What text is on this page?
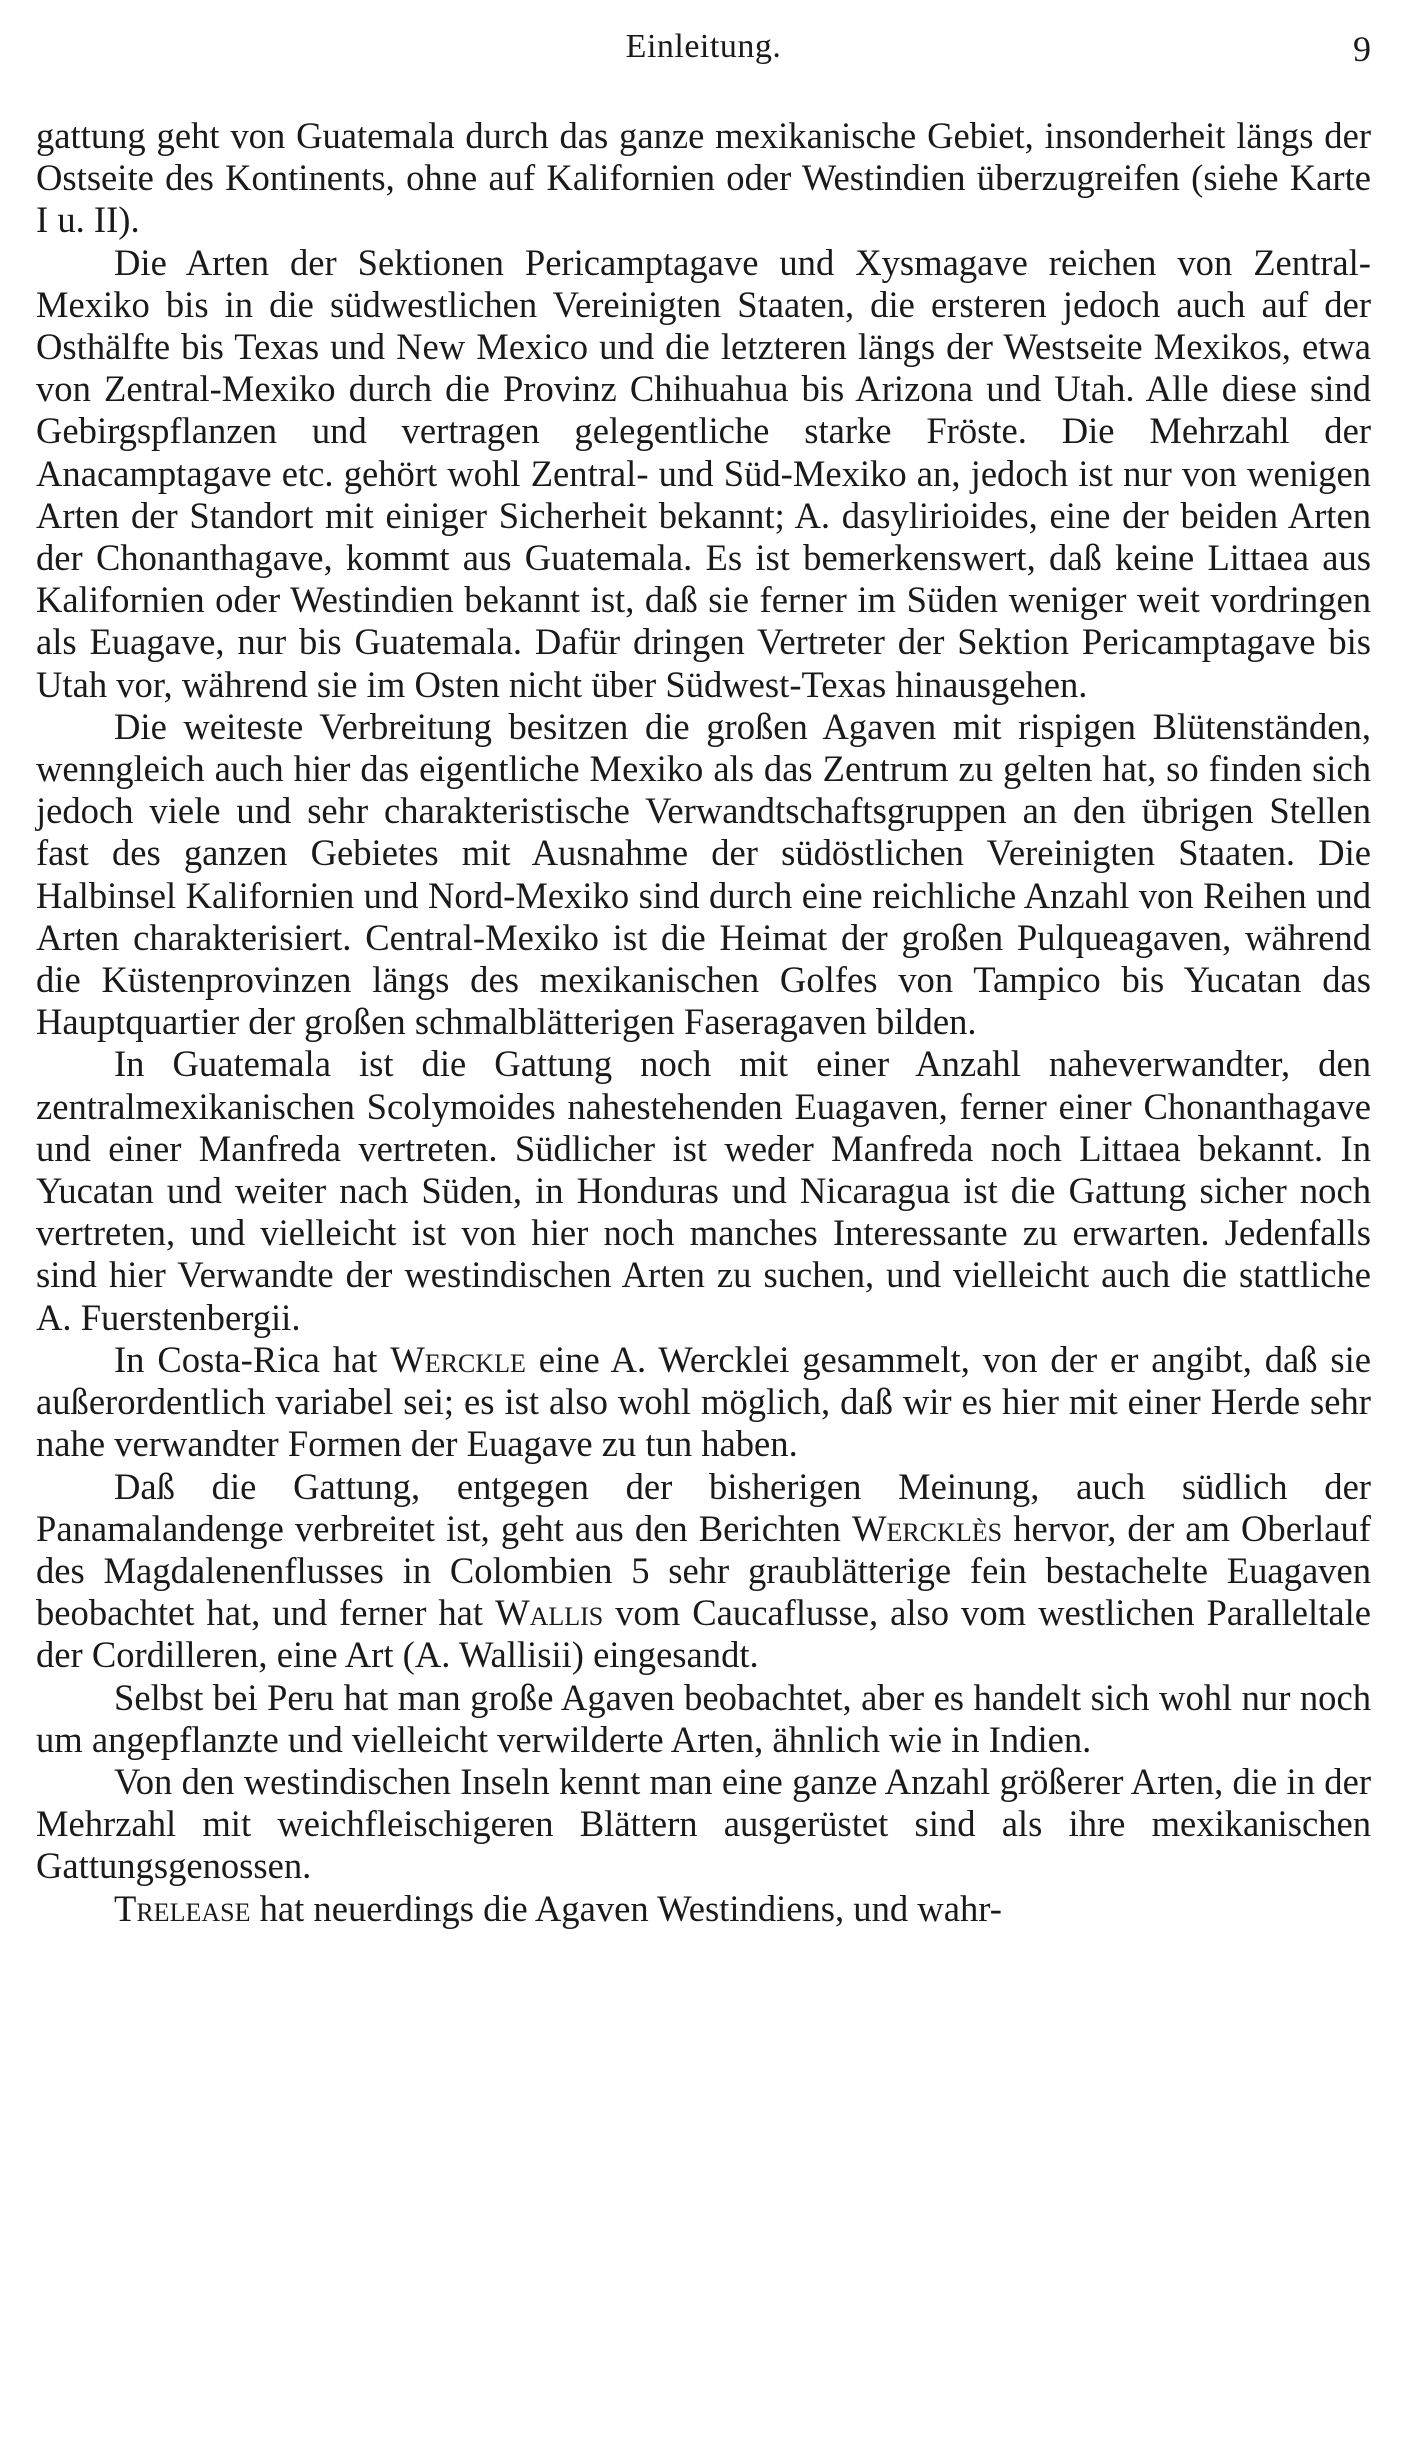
Einleitung.	9

gattung geht von Guatemala durch das ganze mexikanische Gebiet, insonderheit längs der Ostseite des Kontinents, ohne auf Kalifornien oder Westindien überzugreifen (siehe Karte I u. II).

Die Arten der Sektionen Pericamptagave und Xysmagave reichen von Zentral-Mexiko bis in die südwestlichen Vereinigten Staaten, die ersteren jedoch auch auf der Osthälfte bis Texas und New Mexico und die letzteren längs der Westseite Mexikos, etwa von Zentral-Mexiko durch die Provinz Chihuahua bis Arizona und Utah. Alle diese sind Gebirgspflanzen und vertragen gelegentliche starke Fröste. Die Mehrzahl der Anacamptagave etc. gehört wohl Zentral- und Süd-Mexiko an, jedoch ist nur von wenigen Arten der Standort mit einiger Sicherheit bekannt; A. dasylirioides, eine der beiden Arten der Chonanthagave, kommt aus Guatemala. Es ist bemerkenswert, daß keine Littaea aus Kalifornien oder Westindien bekannt ist, daß sie ferner im Süden weniger weit vordringen als Euagave, nur bis Guatemala. Dafür dringen Vertreter der Sektion Pericamptagave bis Utah vor, während sie im Osten nicht über Südwest-Texas hinausgehen.

Die weiteste Verbreitung besitzen die großen Agaven mit rispigen Blütenständen, wenngleich auch hier das eigentliche Mexiko als das Zentrum zu gelten hat, so finden sich jedoch viele und sehr charakteristische Verwandtschaftsgruppen an den übrigen Stellen fast des ganzen Gebietes mit Ausnahme der südöstlichen Vereinigten Staaten. Die Halbinsel Kalifornien und Nord-Mexiko sind durch eine reichliche Anzahl von Reihen und Arten charakterisiert. Central-Mexiko ist die Heimat der großen Pulqueagaven, während die Küstenprovinzen längs des mexikanischen Golfes von Tampico bis Yucatan das Hauptquartier der großen schmalblätterigen Faseragaven bilden.

In Guatemala ist die Gattung noch mit einer Anzahl naheverwandter, den zentralmexikanischen Scolymoides nahestehenden Euagaven, ferner einer Chonanthagave und einer Manfreda vertreten. Südlicher ist weder Manfreda noch Littaea bekannt. In Yucatan und weiter nach Süden, in Honduras und Nicaragua ist die Gattung sicher noch vertreten, und vielleicht ist von hier noch manches Interessante zu erwarten. Jedenfalls sind hier Verwandte der westindischen Arten zu suchen, und vielleicht auch die stattliche A. Fuerstenbergii.

In Costa-Rica hat Werckle eine A. Wercklei gesammelt, von der er angibt, daß sie außerordentlich variabel sei; es ist also wohl möglich, daß wir es hier mit einer Herde sehr nahe verwandter Formen der Euagave zu tun haben.

Daß die Gattung, entgegen der bisherigen Meinung, auch südlich der Panamalandenge verbreitet ist, geht aus den Berichten Wercklès hervor, der am Oberlauf des Magdalenenflusses in Colombien 5 sehr graublätterige fein bestachelte Euagaven beobachtet hat, und ferner hat Wallis vom Caucaflusse, also vom westlichen Paralleltale der Cordilleren, eine Art (A. Wallisii) eingesandt.

Selbst bei Peru hat man große Agaven beobachtet, aber es handelt sich wohl nur noch um angepflanzte und vielleicht verwilderte Arten, ähnlich wie in Indien.

Von den westindischen Inseln kennt man eine ganze Anzahl größerer Arten, die in der Mehrzahl mit weichfleischigeren Blättern ausgerüstet sind als ihre mexikanischen Gattungsgenossen.

Trelease hat neuerdings die Agaven Westindiens, und wahr-
